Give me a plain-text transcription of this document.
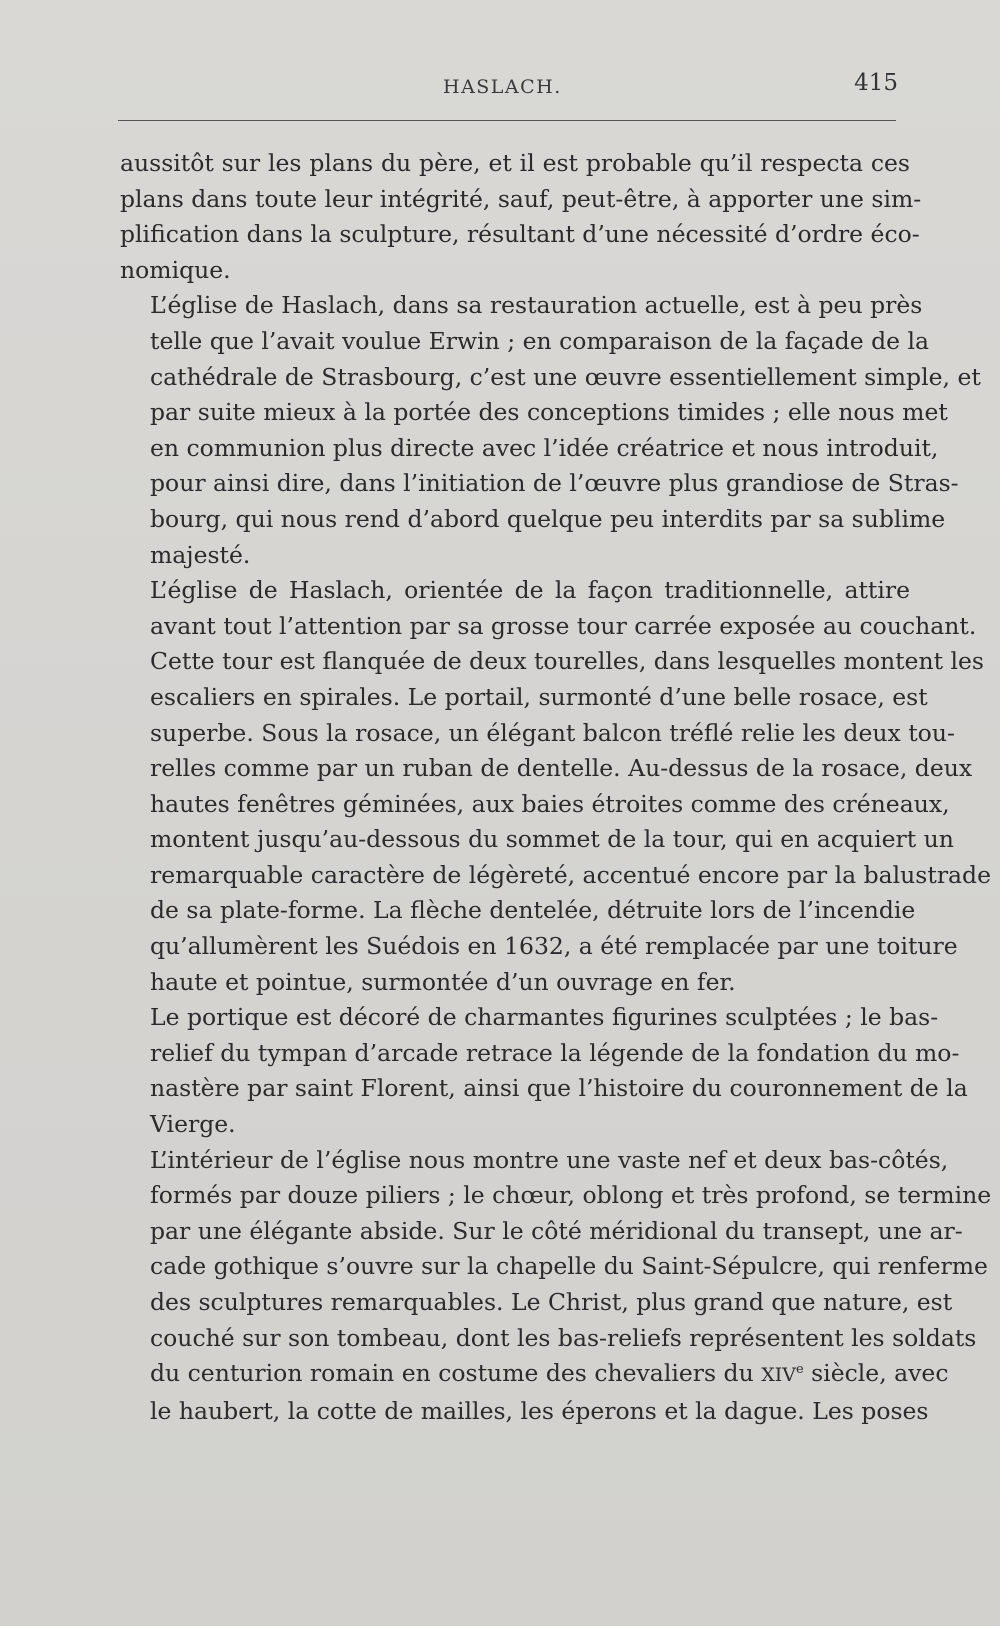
HASLACH.	415

aussitôt sur les plans du père, et il est probable qu’il respecta ces
plans dans toute leur intégrité, sauf, peut-être, à apporter une sim-
plification dans la sculpture, résultant d’une nécessité d’ordre éco-
nomique.

L’église de Haslach, dans sa restauration actuelle, est à peu près
telle que l’avait voulue Erwin ; en comparaison de la façade de la
cathédrale de Strasbourg, c’est une œuvre essentiellement simple, et
par suite mieux à la portée des conceptions timides ; elle nous met
en communion plus directe avec l’idée créatrice et nous introduit,
pour ainsi dire, dans l’initiation de l’œuvre plus grandiose de Stras-
bourg, qui nous rend d’abord quelque peu interdits par sa sublime
majesté.

L’église de Haslach, orientée de la façon traditionnelle, attire
avant tout l’attention par sa grosse tour carrée exposée au couchant.
Cette tour est flanquée de deux tourelles, dans lesquelles montent les
escaliers en spirales. Le portail, surmonté d’une belle rosace, est
superbe. Sous la rosace, un élégant balcon tréflé relie les deux tou-
relles comme par un ruban de dentelle. Au-dessus de la rosace, deux
hautes fenêtres géminées, aux baies étroites comme des créneaux,
montent jusqu’au-dessous du sommet de la tour, qui en acquiert un
remarquable caractère de légèreté, accentué encore par la balustrade
de sa plate-forme. La flèche dentelée, détruite lors de l’incendie
qu’allumèrent les Suédois en 1632, a été remplacée par une toiture
haute et pointue, surmontée d’un ouvrage en fer.

Le portique est décoré de charmantes figurines sculptées ; le bas-
relief du tympan d’arcade retrace la légende de la fondation du mo-
nastère par saint Florent, ainsi que l’histoire du couronnement de la
Vierge.

L’intérieur de l’église nous montre une vaste nef et deux bas-côtés,
formés par douze piliers ; le chœur, oblong et très profond, se termine
par une élégante abside. Sur le côté méridional du transept, une ar-
cade gothique s’ouvre sur la chapelle du Saint-Sépulcre, qui renferme
des sculptures remarquables. Le Christ, plus grand que nature, est
couché sur son tombeau, dont les bas-reliefs représentent les soldats
du centurion romain en costume des chevaliers du XIVe siècle, avec
le haubert, la cotte de mailles, les éperons et la dague. Les poses
